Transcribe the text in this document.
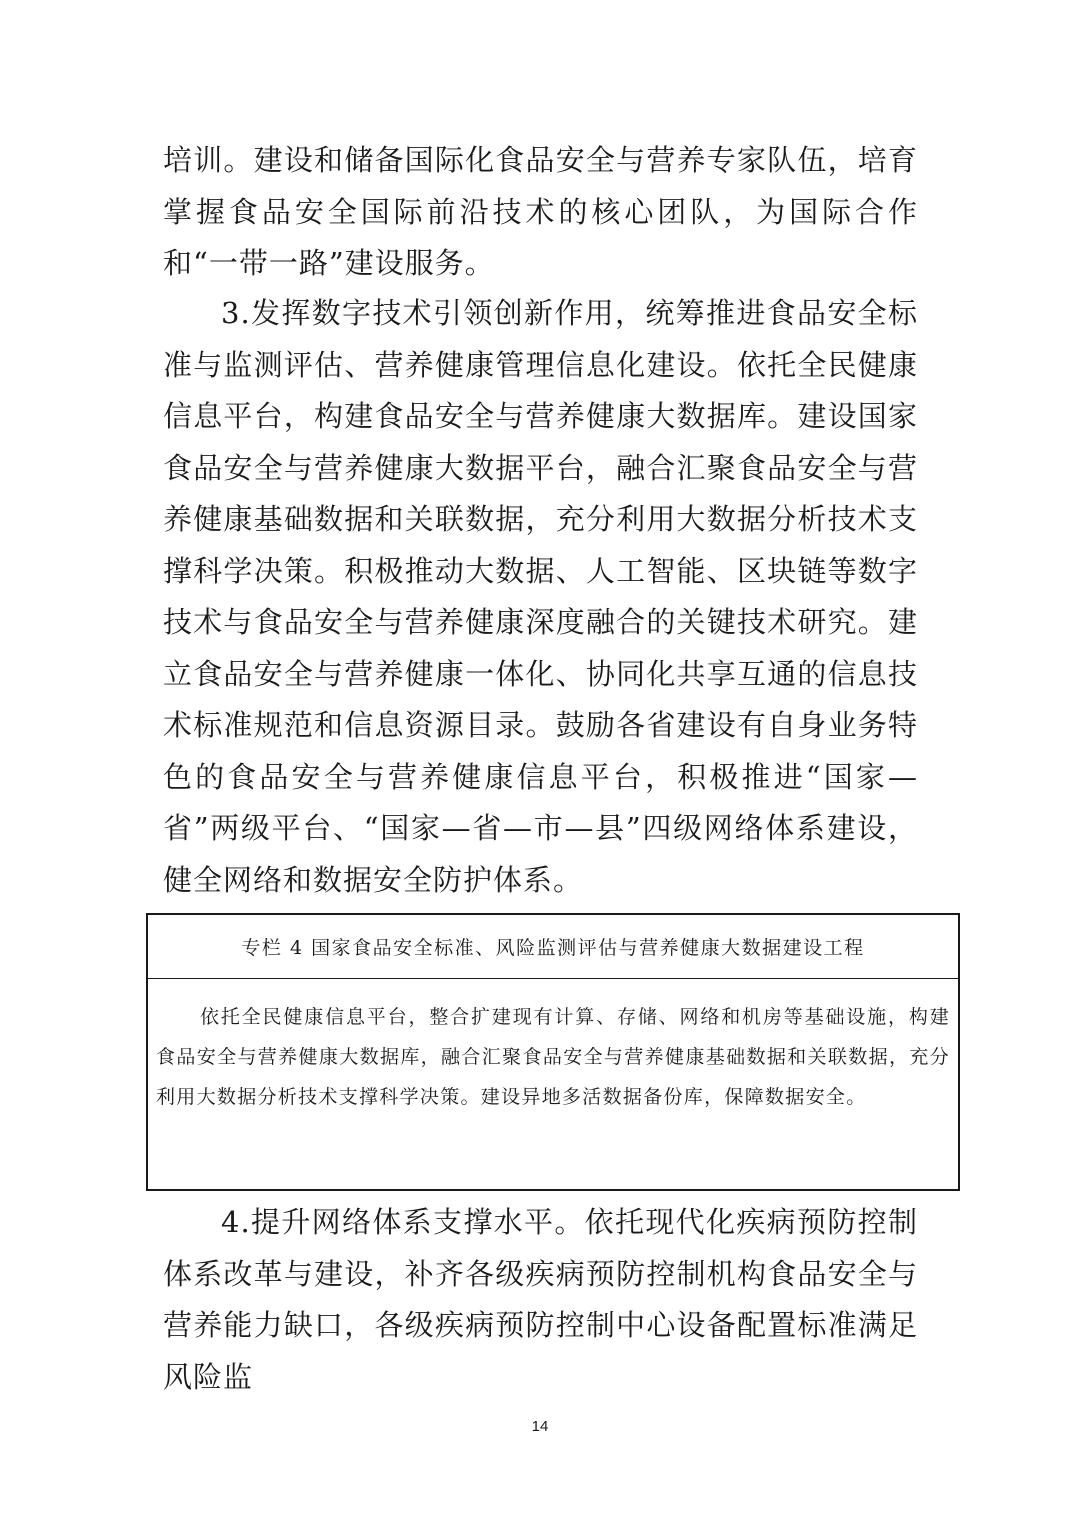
培训。建设和储备国际化食品安全与营养专家队伍，培育掌握食品安全国际前沿技术的核心团队，为国际合作和“一带一路”建设服务。

3.发挥数字技术引领创新作用，统筹推进食品安全标准与监测评估、营养健康管理信息化建设。依托全民健康信息平台，构建食品安全与营养健康大数据库。建设国家食品安全与营养健康大数据平台，融合汇聚食品安全与营养健康基础数据和关联数据，充分利用大数据分析技术支撑科学决策。积极推动大数据、人工智能、区块链等数字技术与食品安全与营养健康深度融合的关键技术研究。建立食品安全与营养健康一体化、协同化共享互通的信息技术标准规范和信息资源目录。鼓励各省建设有自身业务特色的食品安全与营养健康信息平台，积极推进“国家—省”两级平台、“国家—省—市—县”四级网络体系建设，健全网络和数据安全防护体系。

专栏 4 国家食品安全标准、风险监测评估与营养健康大数据建设工程

依托全民健康信息平台，整合扩建现有计算、存储、网络和机房等基础设施，构建食品安全与营养健康大数据库，融合汇聚食品安全与营养健康基础数据和关联数据，充分利用大数据分析技术支撑科学决策。建设异地多活数据备份库，保障数据安全。

4.提升网络体系支撑水平。依托现代化疾病预防控制体系改革与建设，补齐各级疾病预防控制机构食品安全与营养能力缺口，各级疾病预防控制中心设备配置标准满足风险监

14
